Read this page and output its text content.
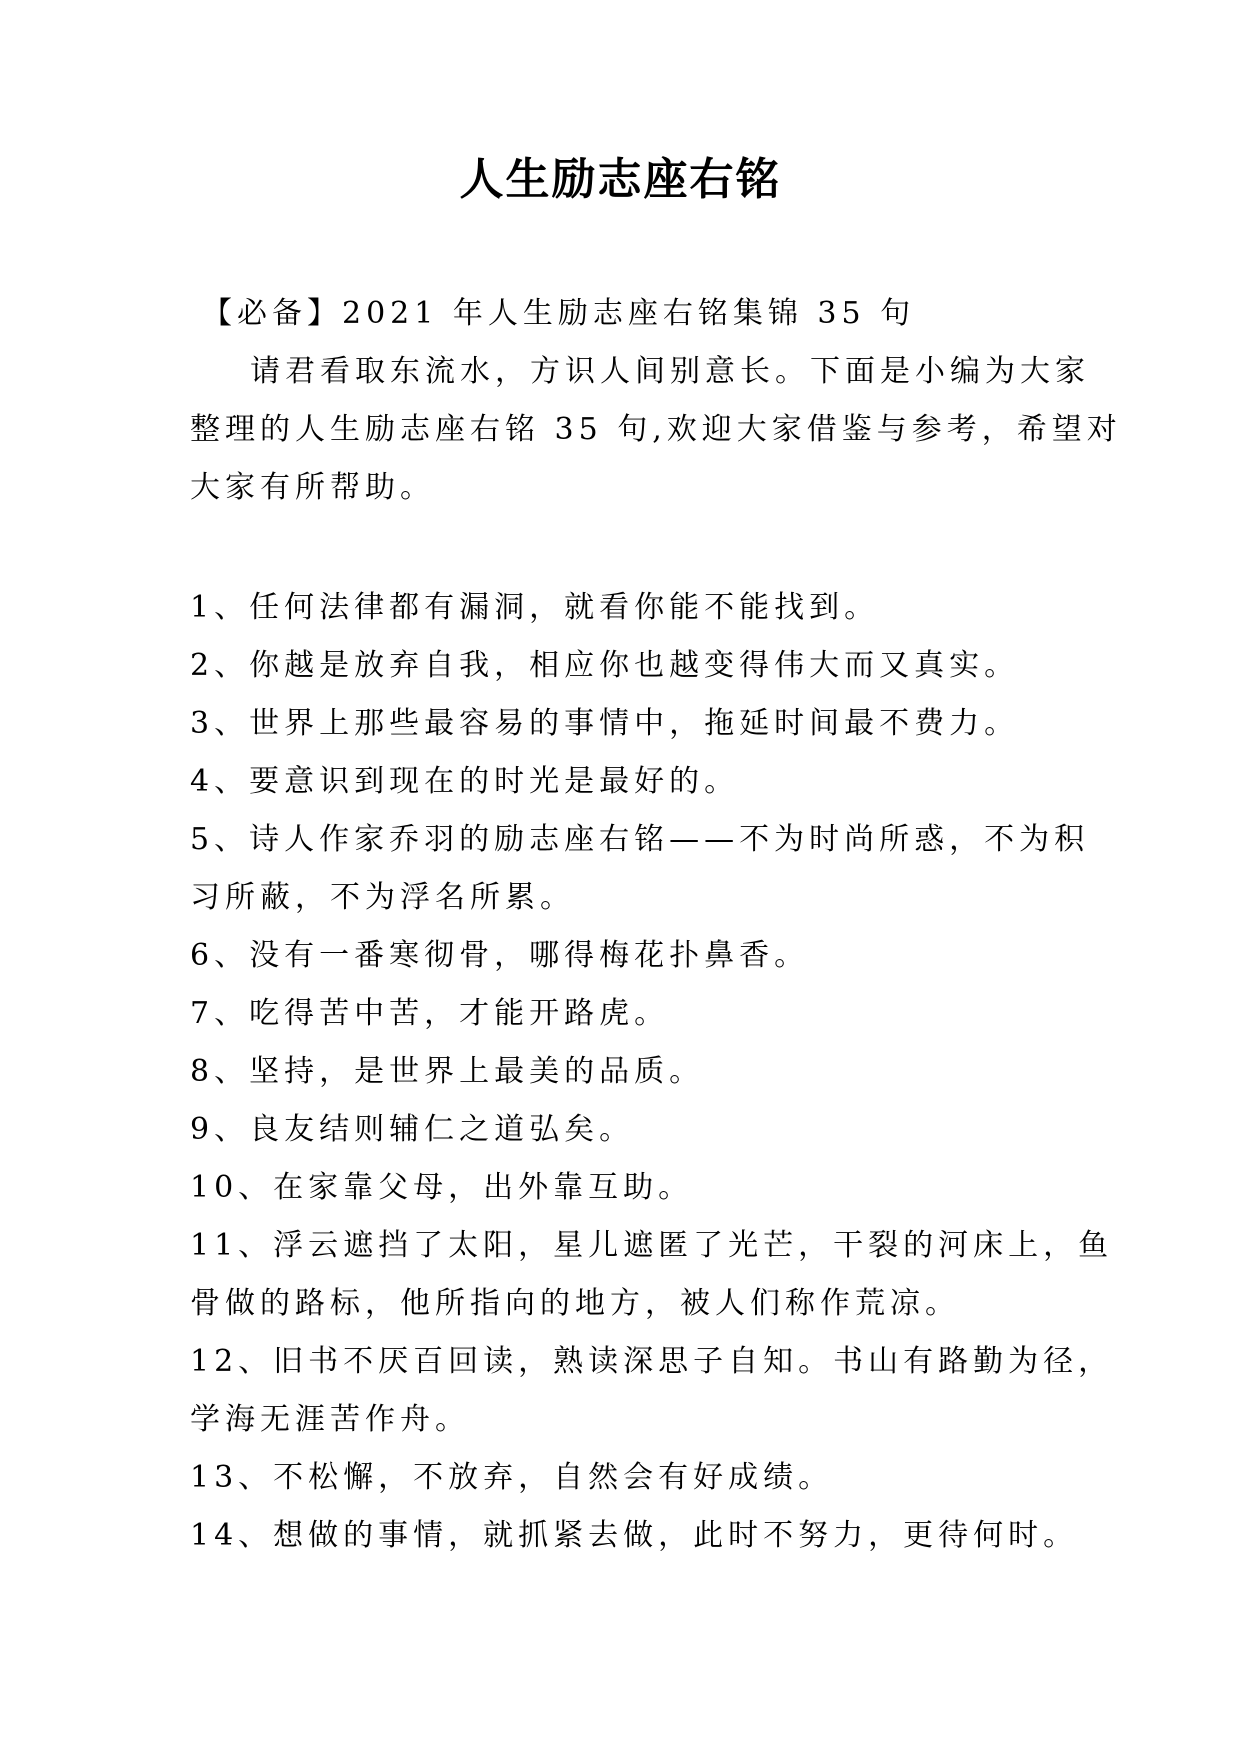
人生励志座右铭
【必备】2021 年人生励志座右铭集锦 35 句
请君看取东流水，方识人间别意长。下面是小编为大家
整理的人生励志座右铭 35 句,欢迎大家借鉴与参考，希望对
大家有所帮助。
1、任何法律都有漏洞，就看你能不能找到。
2、你越是放弃自我，相应你也越变得伟大而又真实。
3、世界上那些最容易的事情中，拖延时间最不费力。
4、要意识到现在的时光是最好的。
5、诗人作家乔羽的励志座右铭——不为时尚所惑，不为积
习所蔽，不为浮名所累。
6、没有一番寒彻骨，哪得梅花扑鼻香。
7、吃得苦中苦，才能开路虎。
8、坚持，是世界上最美的品质。
9、良友结则辅仁之道弘矣。
10、在家靠父母，出外靠互助。
11、浮云遮挡了太阳，星儿遮匿了光芒，干裂的河床上，鱼
骨做的路标，他所指向的地方，被人们称作荒凉。
12、旧书不厌百回读，熟读深思子自知。书山有路勤为径，
学海无涯苦作舟。
13、不松懈，不放弃，自然会有好成绩。
14、想做的事情，就抓紧去做，此时不努力，更待何时。
